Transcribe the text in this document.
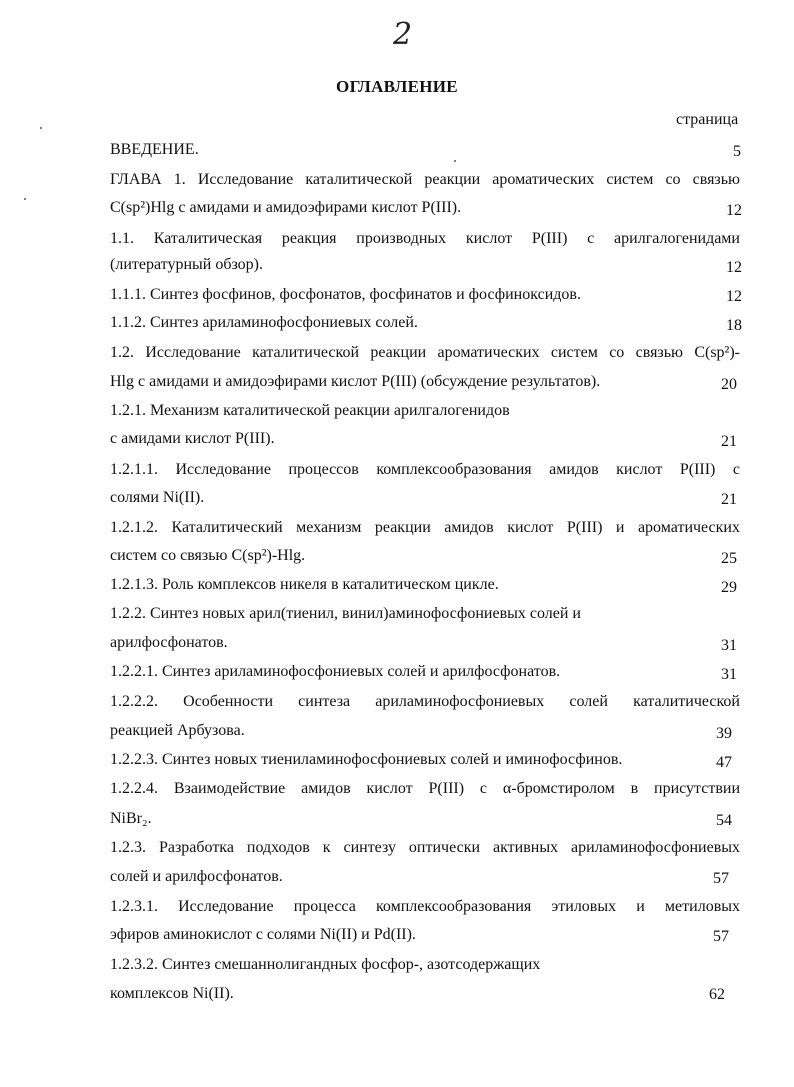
2
ОГЛАВЛЕНИЕ
страница
ВВЕДЕНИЕ.	5
ГЛАВА 1. Исследование каталитической реакции ароматических систем со связью
C(sp²)Hlg с амидами и амидоэфирами кислот P(III).	12
1.1. Каталитическая реакция производных кислот P(III) с арилгалогенидами
(литературный обзор).	12
1.1.1. Синтез фосфинов, фосфонатов, фосфинатов и фосфиноксидов.	12
1.1.2. Синтез ариламинофосфониевых солей.	18
1.2. Исследование каталитической реакции ароматических систем со связью C(sp²)-
Hlg с амидами и амидоэфирами кислот P(III) (обсуждение результатов).	20
1.2.1. Механизм каталитической реакции арилгалогенидов
с амидами кислот P(III).	21
1.2.1.1. Исследование процессов комплексообразования амидов кислот P(III) с
солями Ni(II).	21
1.2.1.2. Каталитический механизм реакции амидов кислот P(III) и ароматических
систем со связью C(sp²)-Hlg.	25
1.2.1.3. Роль комплексов никеля в каталитическом цикле.	29
1.2.2. Синтез новых арил(тиенил, винил)аминофосфониевых солей и
арилфосфонатов.	31
1.2.2.1. Синтез ариламинофосфониевых солей и арилфосфонатов.	31
1.2.2.2. Особенности синтеза ариламинофосфониевых солей каталитической
реакцией Арбузова.	39
1.2.2.3. Синтез новых тиениламинофосфониевых солей и иминофосфинов.	47
1.2.2.4. Взаимодействие амидов кислот P(III) с α-бромстиролом в присутствии
NiBr₂.	54
1.2.3. Разработка подходов к синтезу оптически активных ариламинофосфониевых
солей и арилфосфонатов.	57
1.2.3.1. Исследование процесса комплексообразования этиловых и метиловых
эфиров аминокислот с солями Ni(II) и Pd(II).	57
1.2.3.2. Синтез смешаннолигандных фосфор-, азотсодержащих
комплексов Ni(II).	62
